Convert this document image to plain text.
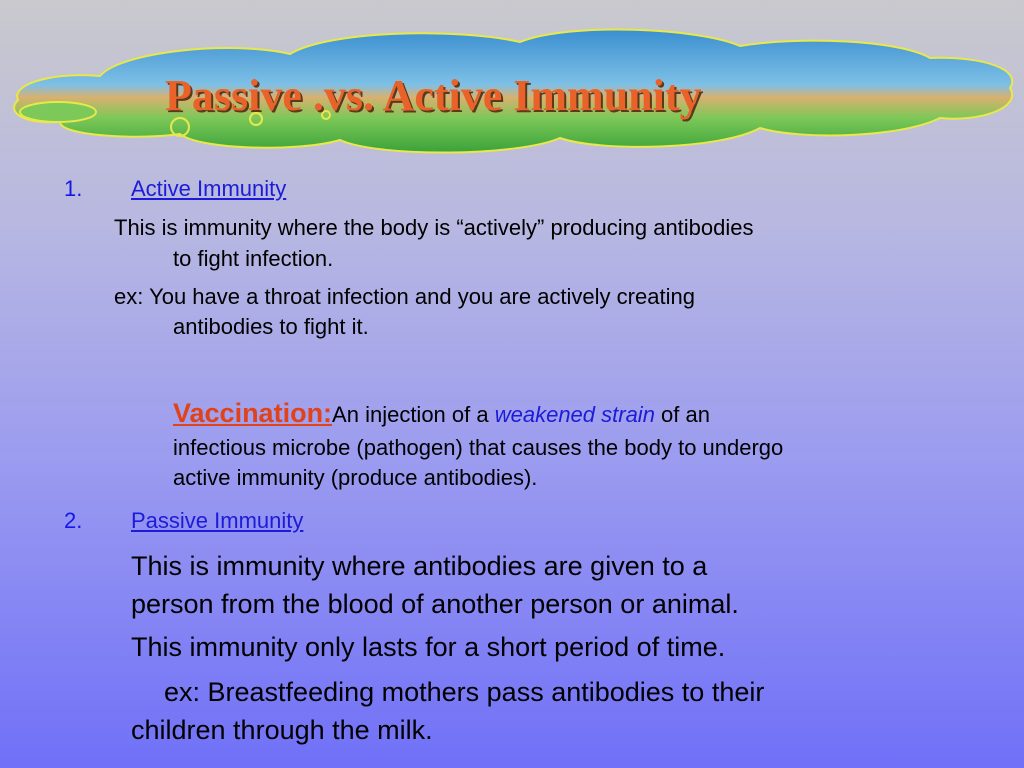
Passive .vs. Active Immunity
1. Active Immunity
This is immunity where the body is “actively” producing antibodies
to fight infection.
ex: You have a throat infection and you are actively creating
antibodies to fight it.
Vaccination:An injection of a weakened strain of an
infectious microbe (pathogen) that causes the body to undergo
active immunity (produce antibodies).
2. Passive Immunity
This is immunity where antibodies are given to a
person from the blood of another person or animal.
This immunity only lasts for a short period of time.
ex: Breastfeeding mothers pass antibodies to their
children through the milk.
